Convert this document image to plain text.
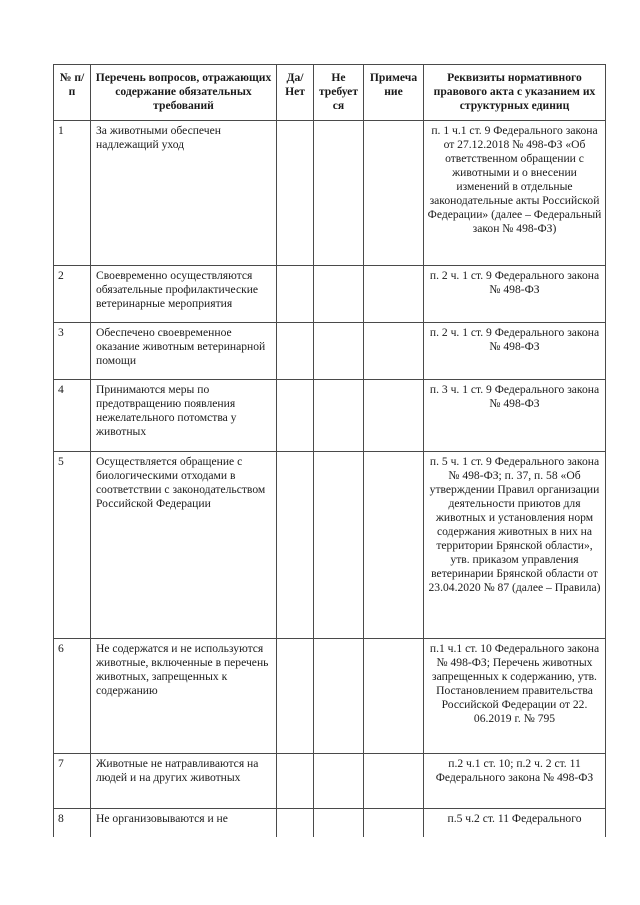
№ п/п	Перечень вопросов, отражающих содержание обязательных требований	Да/ Нет	Не требует ся	Примеча ние	Реквизиты нормативного правового акта с указанием их структурных единиц
1	За животными обеспечен надлежащий уход				п. 1 ч.1 ст. 9 Федерального закона от 27.12.2018 № 498-ФЗ «Об ответственном обращении с животными и о внесении изменений в отдельные законодательные акты Российской Федерации» (далее – Федеральный закон № 498-ФЗ)
2	Своевременно осуществляются обязательные профилактические ветеринарные мероприятия				п. 2 ч. 1 ст. 9 Федерального закона № 498-ФЗ
3	Обеспечено своевременное оказание животным ветеринарной помощи				п. 2 ч. 1 ст. 9 Федерального закона № 498-ФЗ
4	Принимаются меры по предотвращению появления нежелательного потомства у животных				п. 3 ч. 1 ст. 9 Федерального закона № 498-ФЗ
5	Осуществляется обращение с биологическими отходами в соответствии с законодательством Российской Федерации				п. 5 ч. 1 ст. 9 Федерального закона № 498-ФЗ; п. 37, п. 58 «Об утверждении Правил организации деятельности приютов для животных и установления норм содержания животных в них на территории Брянской области», утв. приказом управления ветеринарии Брянской области от 23.04.2020 № 87 (далее – Правила)
6	Не содержатся и не используются животные, включенные в перечень животных, запрещенных к содержанию				п.1 ч.1 ст. 10 Федерального закона № 498-ФЗ; Перечень животных запрещенных к содержанию, утв. Постановлением правительства Российской Федерации от 22. 06.2019 г. № 795
7	Животные не натравливаются на людей и на других животных				п.2 ч.1 ст. 10; п.2 ч. 2 ст. 11 Федерального закона № 498-ФЗ
8	Не организовываются и не				п.5 ч.2 ст. 11 Федерального
